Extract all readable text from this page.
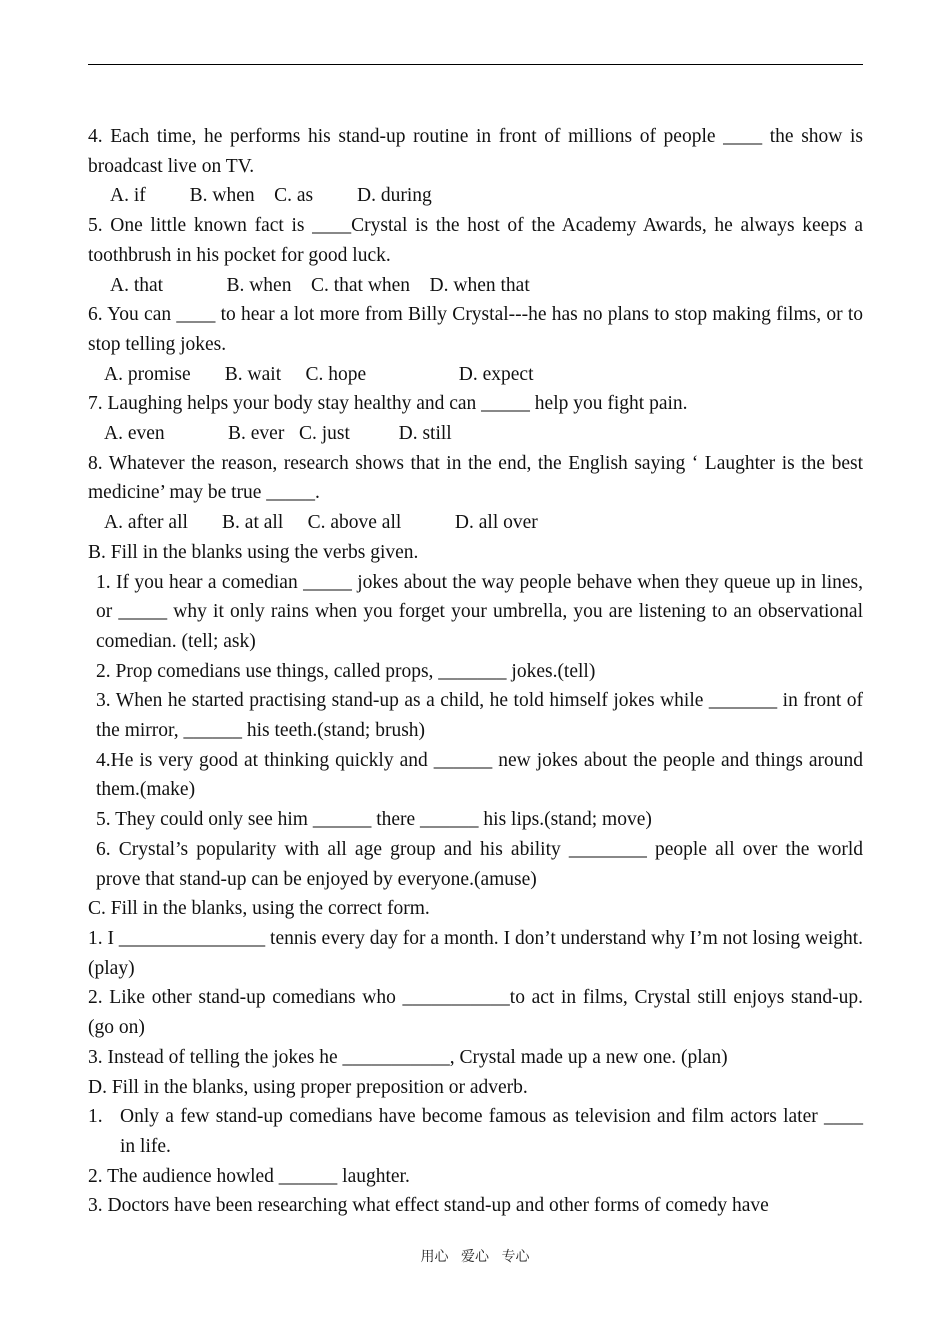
4. Each time, he performs his stand-up routine in front of millions of people ____ the show is broadcast live on TV.

A. if         B. when    C. as         D. during

5. One little known fact is ____Crystal is the host of the Academy Awards, he always keeps a toothbrush in his pocket for good luck.

A. that             B. when    C. that when    D. when that

6. You can ____ to hear a lot more from Billy Crystal---he has no plans to stop making films, or to stop telling jokes.

A. promise       B. wait     C. hope                   D. expect

7. Laughing helps your body stay healthy and can _____ help you fight pain.

A. even             B. ever   C. just          D. still

8. Whatever the reason, research shows that in the end, the English saying ‘ Laughter is the best medicine’ may be true _____.

A. after all       B. at all     C. above all           D. all over

B. Fill in the blanks using the verbs given.

1. If you hear a comedian _____ jokes about the way people behave when they queue up in lines, or _____ why it only rains when you forget your umbrella, you are listening to an observational comedian. (tell; ask)

2. Prop comedians use things, called props, _______ jokes.(tell)

3. When he started practising stand-up as a child, he told himself jokes while _______ in front of the mirror, ______ his teeth.(stand; brush)

4.He is very good at thinking quickly and ______ new jokes about the people and things around them.(make)

5. They could only see him ______ there ______ his lips.(stand; move)

6. Crystal’s popularity with all age group and his ability ________ people all over the world prove that stand-up can be enjoyed by everyone.(amuse)

C. Fill in the blanks, using the correct form.

1. I _______________ tennis every day for a month. I don’t understand why I’m not losing weight. (play)

2. Like other stand-up comedians who ___________to act in films, Crystal still enjoys stand-up. (go on)

3. Instead of telling the jokes he ___________, Crystal made up a new one. (plan)

D. Fill in the blanks, using proper preposition or adverb.

1. Only a few stand-up comedians have become famous as television and film actors later ____ in life.

2. The audience howled ______ laughter.

3. Doctors have been researching what effect stand-up and other forms of comedy have

用心 爱心 专心
